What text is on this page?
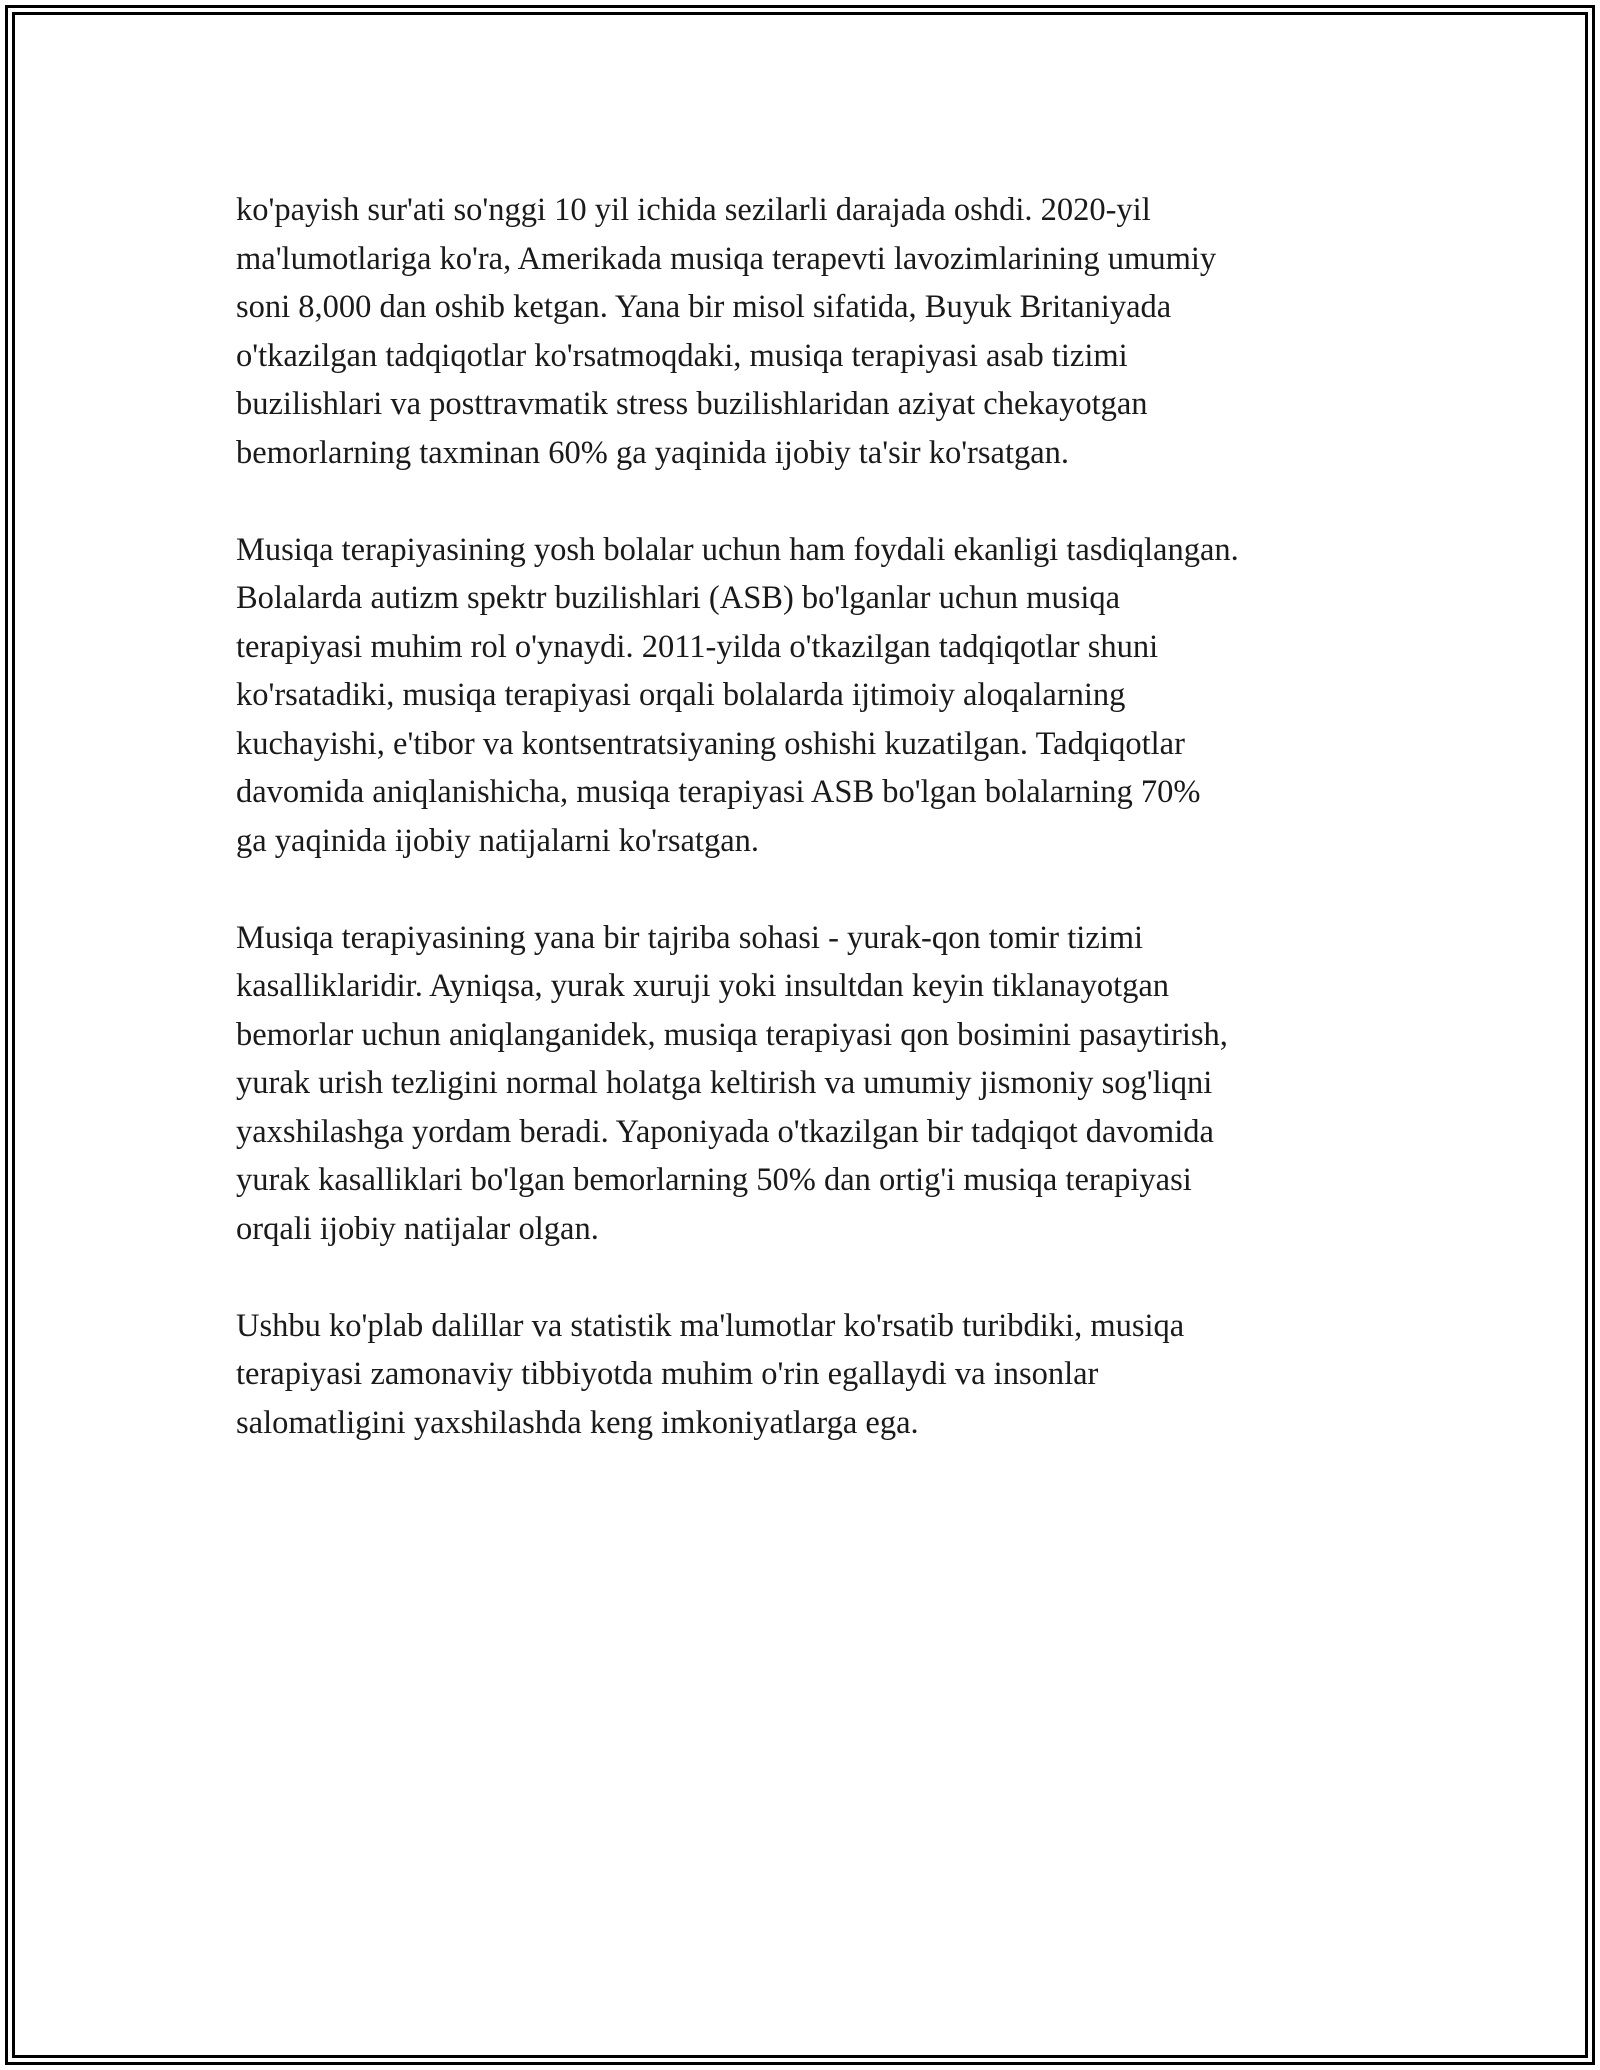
ko'payish sur'ati so'nggi 10 yil ichida sezilarli darajada oshdi. 2020-yil
ma'lumotlariga ko'ra, Amerikada musiqa terapevti lavozimlarining umumiy
soni 8,000 dan oshib ketgan. Yana bir misol sifatida, Buyuk Britaniyada
o'tkazilgan tadqiqotlar ko'rsatmoqdaki, musiqa terapiyasi asab tizimi
buzilishlari va posttravmatik stress buzilishlaridan aziyat chekayotgan
bemorlarning taxminan 60% ga yaqinida ijobiy ta'sir ko'rsatgan.

Musiqa terapiyasining yosh bolalar uchun ham foydali ekanligi tasdiqlangan.
Bolalarda autizm spektr buzilishlari (ASB) bo'lganlar uchun musiqa
terapiyasi muhim rol o'ynaydi. 2011-yilda o'tkazilgan tadqiqotlar shuni
ko'rsatadiki, musiqa terapiyasi orqali bolalarda ijtimoiy aloqalarning
kuchayishi, e'tibor va kontsentratsiyaning oshishi kuzatilgan. Tadqiqotlar
davomida aniqlanishicha, musiqa terapiyasi ASB bo'lgan bolalarning 70%
ga yaqinida ijobiy natijalarni ko'rsatgan.

Musiqa terapiyasining yana bir tajriba sohasi - yurak-qon tomir tizimi
kasalliklaridir. Ayniqsa, yurak xuruji yoki insultdan keyin tiklanayotgan
bemorlar uchun aniqlanganidek, musiqa terapiyasi qon bosimini pasaytirish,
yurak urish tezligini normal holatga keltirish va umumiy jismoniy sog'liqni
yaxshilashga yordam beradi. Yaponiyada o'tkazilgan bir tadqiqot davomida
yurak kasalliklari bo'lgan bemorlarning 50% dan ortig'i musiqa terapiyasi
orqali ijobiy natijalar olgan.

Ushbu ko'plab dalillar va statistik ma'lumotlar ko'rsatib turibdiki, musiqa
terapiyasi zamonaviy tibbiyotda muhim o'rin egallaydi va insonlar
salomatligini yaxshilashda keng imkoniyatlarga ega.
